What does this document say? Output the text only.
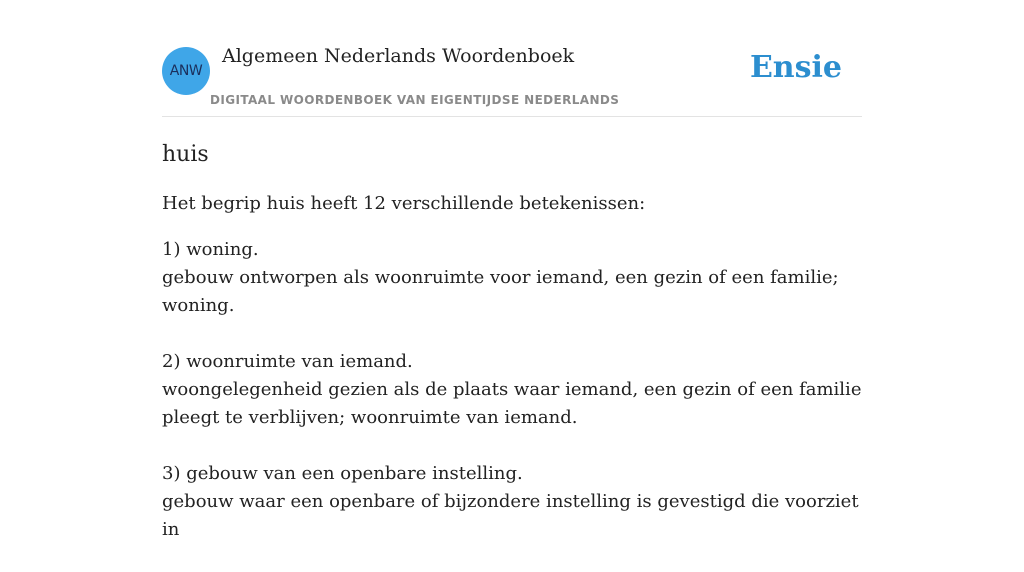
ANW
Algemeen Nederlands Woordenboek
DIGITAAL WOORDENBOEK VAN EIGENTIJDSE NEDERLANDS
Ensie
huis

Het begrip huis heeft 12 verschillende betekenissen:

1) woning.
gebouw ontworpen als woonruimte voor iemand, een gezin of een familie; woning.
2) woonruimte van iemand.
woongelegenheid gezien als de plaats waar iemand, een gezin of een familie pleegt te verblijven; woonruimte van iemand.
3) gebouw van een openbare instelling.
gebouw waar een openbare of bijzondere instelling is gevestigd die voorziet in
